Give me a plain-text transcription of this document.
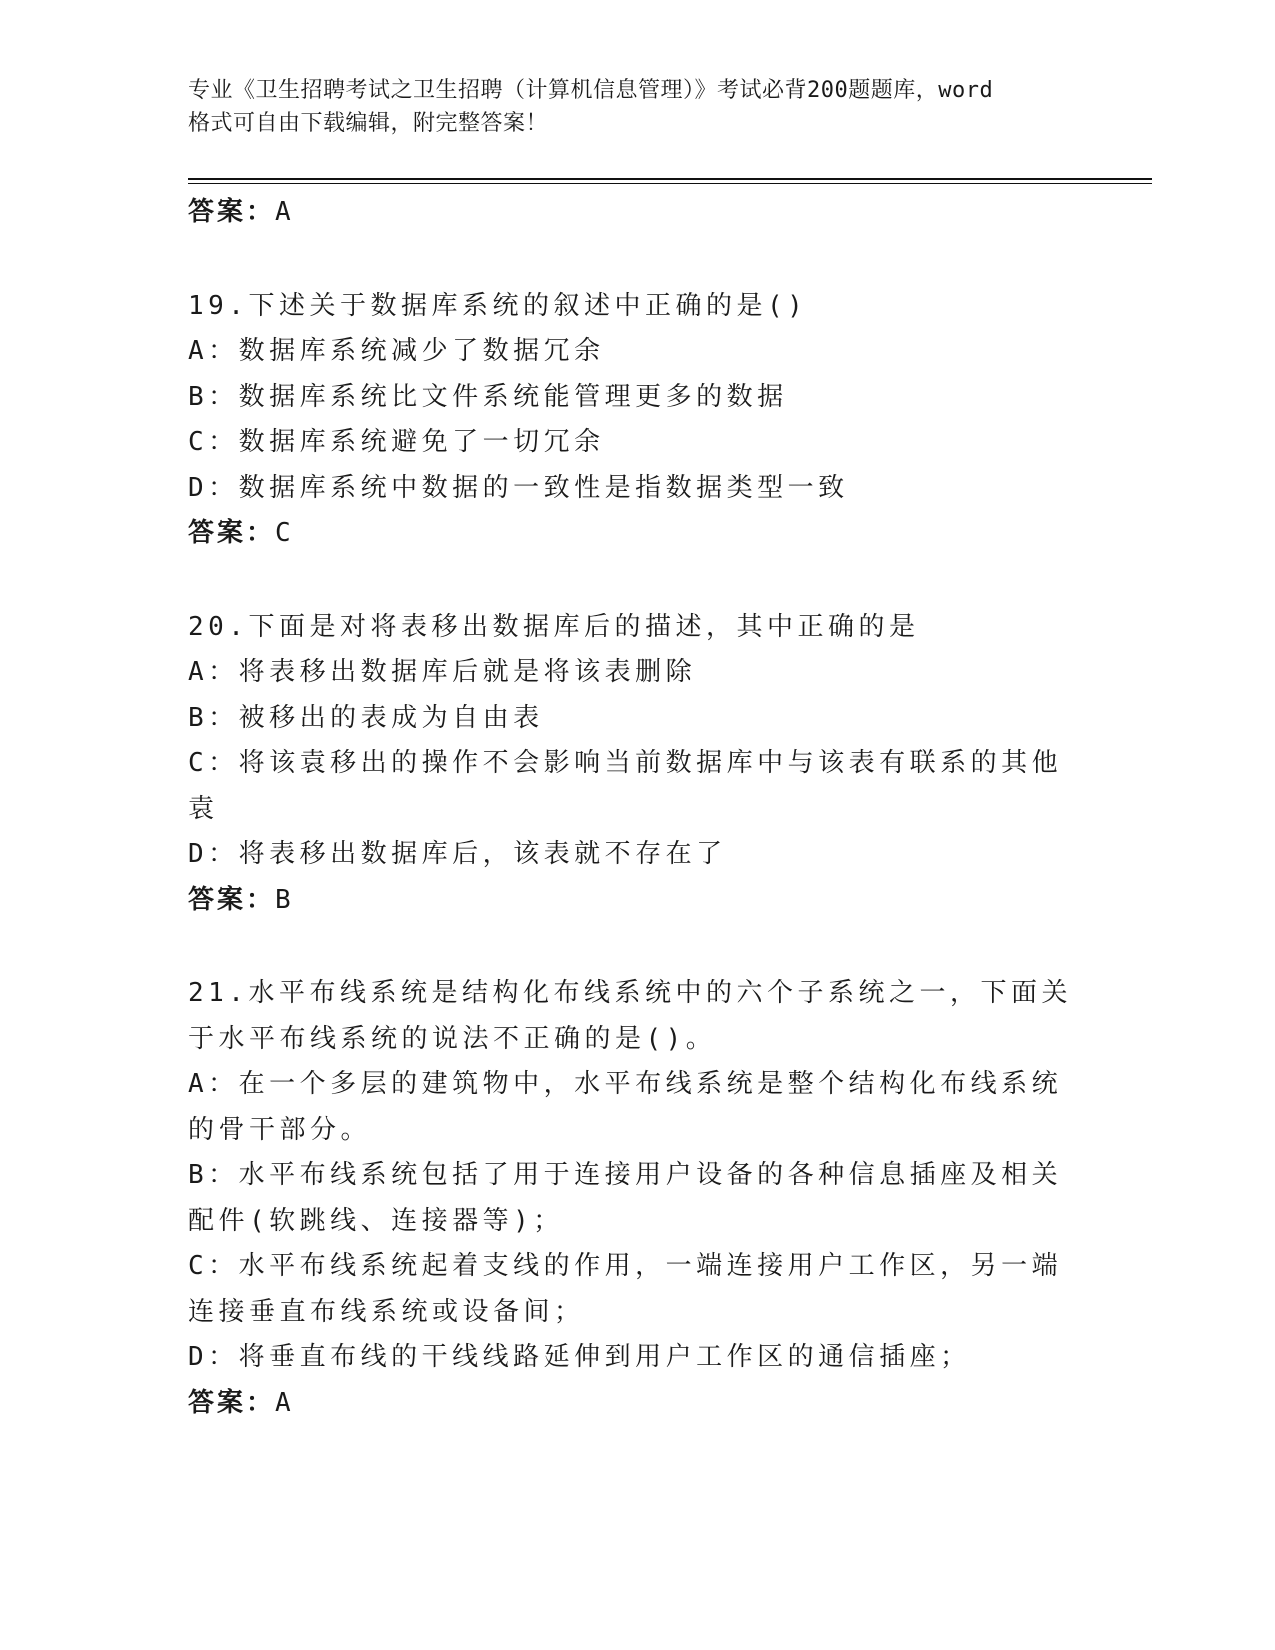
专业《卫生招聘考试之卫生招聘（计算机信息管理）》考试必背200题题库，word
格式可自由下载编辑，附完整答案！
答案：A
19.下述关于数据库系统的叙述中正确的是()
A：数据库系统减少了数据冗余
B：数据库系统比文件系统能管理更多的数据
C：数据库系统避免了一切冗余
D：数据库系统中数据的一致性是指数据类型一致
答案：C
20.下面是对将表移出数据库后的描述，其中正确的是
A：将表移出数据库后就是将该表删除
B：被移出的表成为自由表
C：将该袁移出的操作不会影响当前数据库中与该表有联系的其他袁
D：将表移出数据库后，该表就不存在了
答案：B
21.水平布线系统是结构化布线系统中的六个子系统之一，下面关于水平布线系统的说法不正确的是()。
A：在一个多层的建筑物中，水平布线系统是整个结构化布线系统的骨干部分。
B：水平布线系统包括了用于连接用户设备的各种信息插座及相关配件(软跳线、连接器等)；
C：水平布线系统起着支线的作用，一端连接用户工作区，另一端连接垂直布线系统或设备间；
D：将垂直布线的干线线路延伸到用户工作区的通信插座；
答案：A
